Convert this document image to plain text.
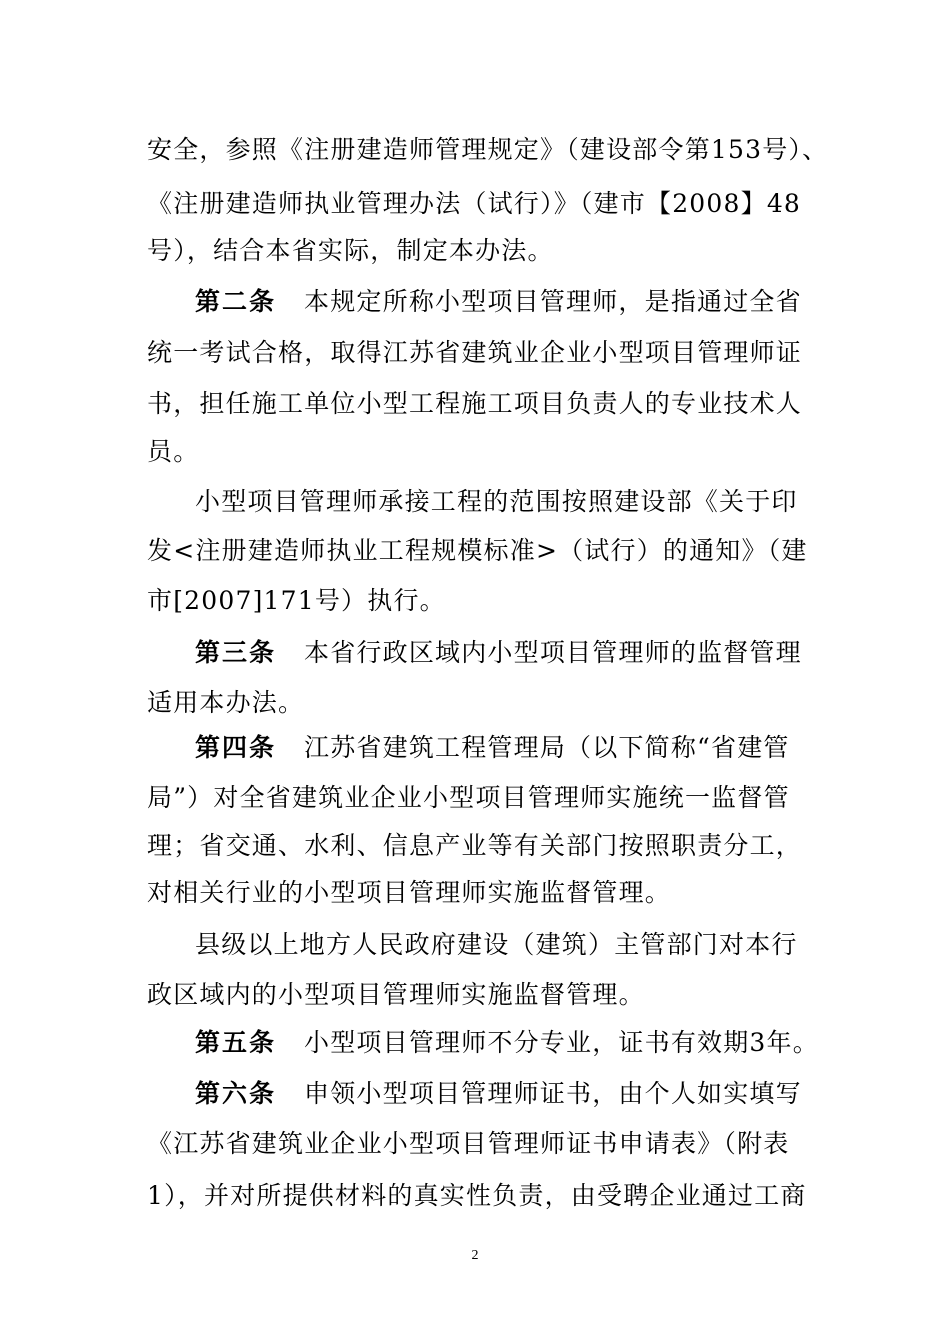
安全，参照《注册建造师管理规定》（建设部令第153号）、
《注册建造师执业管理办法（试行）》（建市【2008】48
号），结合本省实际，制定本办法。
第二条 本规定所称小型项目管理师，是指通过全省
统一考试合格，取得江苏省建筑业企业小型项目管理师证
书，担任施工单位小型工程施工项目负责人的专业技术人
员。
小型项目管理师承接工程的范围按照建设部《关于印
发<注册建造师执业工程规模标准>（试行）的通知》（建
市[2007]171号）执行。
第三条 本省行政区域内小型项目管理师的监督管理
适用本办法。
第四条 江苏省建筑工程管理局（以下简称“省建管
局”）对全省建筑业企业小型项目管理师实施统一监督管
理；省交通、水利、信息产业等有关部门按照职责分工，
对相关行业的小型项目管理师实施监督管理。
县级以上地方人民政府建设（建筑）主管部门对本行
政区域内的小型项目管理师实施监督管理。
第五条 小型项目管理师不分专业，证书有效期3年。
第六条 申领小型项目管理师证书，由个人如实填写
《江苏省建筑业企业小型项目管理师证书申请表》（附表
1），并对所提供材料的真实性负责，由受聘企业通过工商
2
